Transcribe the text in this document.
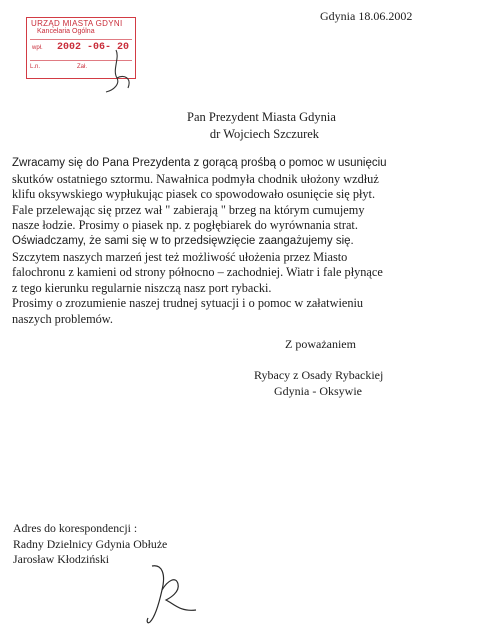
URZĄD MIASTA GDYNI
Kancelaria Ogólna
wpł. 2002 -06- 20
L.n.	Zał.
Gdynia 18.06.2002
Pan Prezydent Miasta Gdynia
dr Wojciech Szczurek
Zwracamy się do Pana Prezydenta z gorącą prośbą o pomoc w usunięciu
skutków ostatniego sztormu. Nawałnica podmyła chodnik ułożony wzdłuż
klifu oksywskiego wypłukując piasek co spowodowało osunięcie się płyt.
Fale przelewając się przez wał " zabierają " brzeg na którym cumujemy
nasze łodzie. Prosimy o piasek np. z pogłębiarek do wyrównania strat.
Oświadczamy, że sami się w to przedsięwzięcie zaangażujemy się.
Szczytem naszych marzeń jest też możliwość ułożenia przez Miasto
falochronu z kamieni od strony północno – zachodniej. Wiatr i fale płynące
z tego kierunku regularnie niszczą nasz port rybacki.
Prosimy o zrozumienie naszej trudnej sytuacji i o pomoc w załatwieniu
naszych problemów.
Z poważaniem
Rybacy z Osady Rybackiej
Gdynia - Oksywie
Adres do korespondencji :
Radny Dzielnicy Gdynia Obłuże
Jarosław Kłodziński
